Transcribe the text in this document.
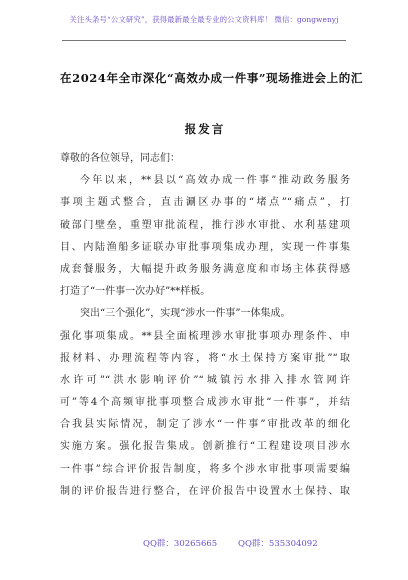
关注头条号“公文研究”，获得最新最全最专业的公文资料库！ 微信：gongwenyj
在2024年全市深化“高效办成一件事”现场推进会上的汇
报发言
尊敬的各位领导，同志们：
今年以来，**县以“高效办成一件事”推动政务服务
事项主题式整合，直击涮区办事的“堵点”“痛点”，打
破部门壁垒，重塑审批流程，推行涉水审批、水利基建项
目、内陆渔船多证联办审批事项集成办理，实现一件事集
成套餐服务，大幅提升政务服务满意度和市场主体获得感
打造了“一件事一次办好”**样板。
突出“三个强化”，实现“涉水一件事”一体集成。
强化事项集成。**县全面梳理涉水审批事项办理条件、申
报材料、办理流程等内容，将“水土保持方案审批”“取
水许可”“洪水影响评价”“城镇污水排入排水管网许
可”等4个高频审批事项整合成涉水审批“一件事”，并结
合我县实际情况，制定了涉水“一件事”审批改革的细化
实施方案。强化报告集成。创新推行“工程建设项目涉水
一件事”综合评价报告制度，将多个涉水审批事项需要编
制的评价报告进行整合，在评价报告中设置水土保持、取
QQ群：30265665 QQ群：535304092
